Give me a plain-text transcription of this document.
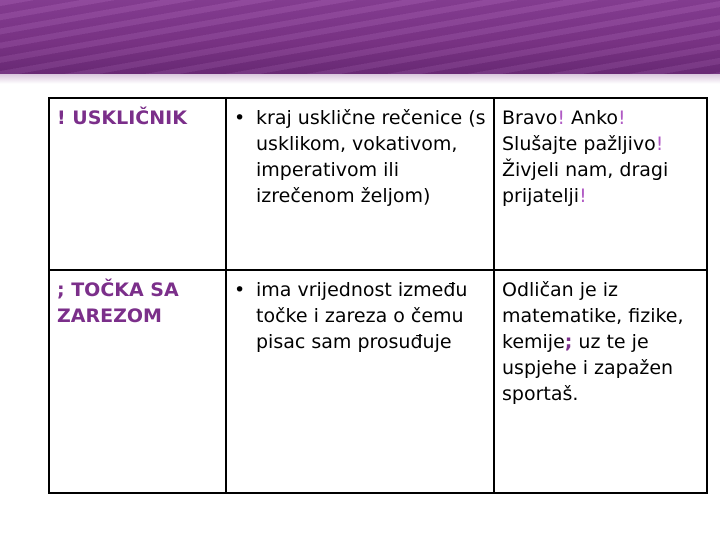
! USKLIČNIK	• kraj usklične rečenice (s usklikom, vokativom, imperativom ili izrečenom željom)	Bravo! Anko!
Slušajte pažljivo!
Živjeli nam, dragi prijatelji!
; TOČKA SA ZAREZOM	• ima vrijednost između točke i zareza o čemu pisac sam prosuđuje	Odličan je iz matematike, fizike, kemije; uz te je uspjehe i zapažen sportaš.
